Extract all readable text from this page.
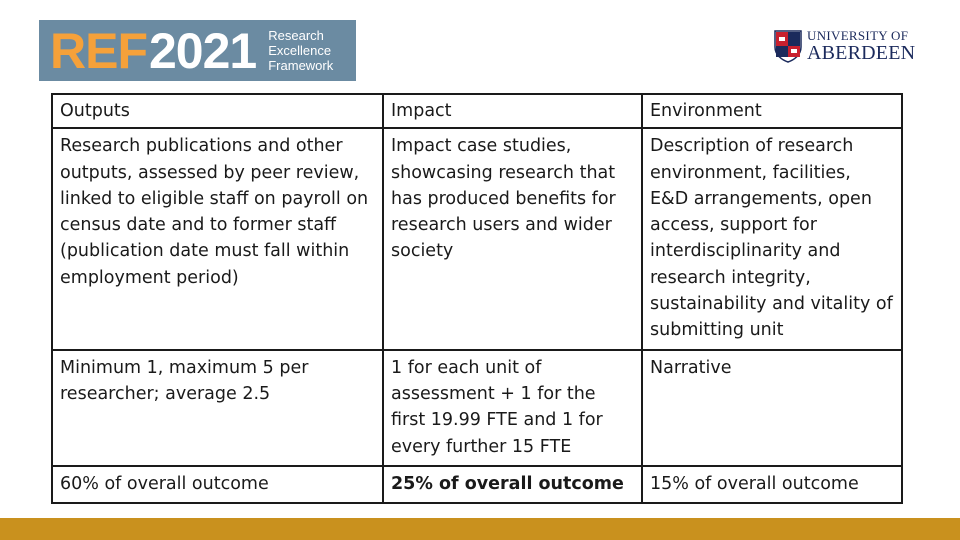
REF 2021 Research
Excellence
Framework
UNIVERSITY OF
ABERDEEN
Outputs	Impact	Environment
Research publications and other outputs, assessed by peer review, linked to eligible staff on payroll on census date and to former staff (publication date must fall within employment period)	Impact case studies, showcasing research that has produced benefits for research users and wider society	Description of research environment, facilities, E&D arrangements, open access, support for interdisciplinarity and research integrity, sustainability and vitality of submitting unit
Minimum 1, maximum 5 per researcher; average 2.5	1 for each unit of assessment + 1 for the first 19.99 FTE and 1 for every further 15 FTE	Narrative
60% of overall outcome	25% of overall outcome	15% of overall outcome
